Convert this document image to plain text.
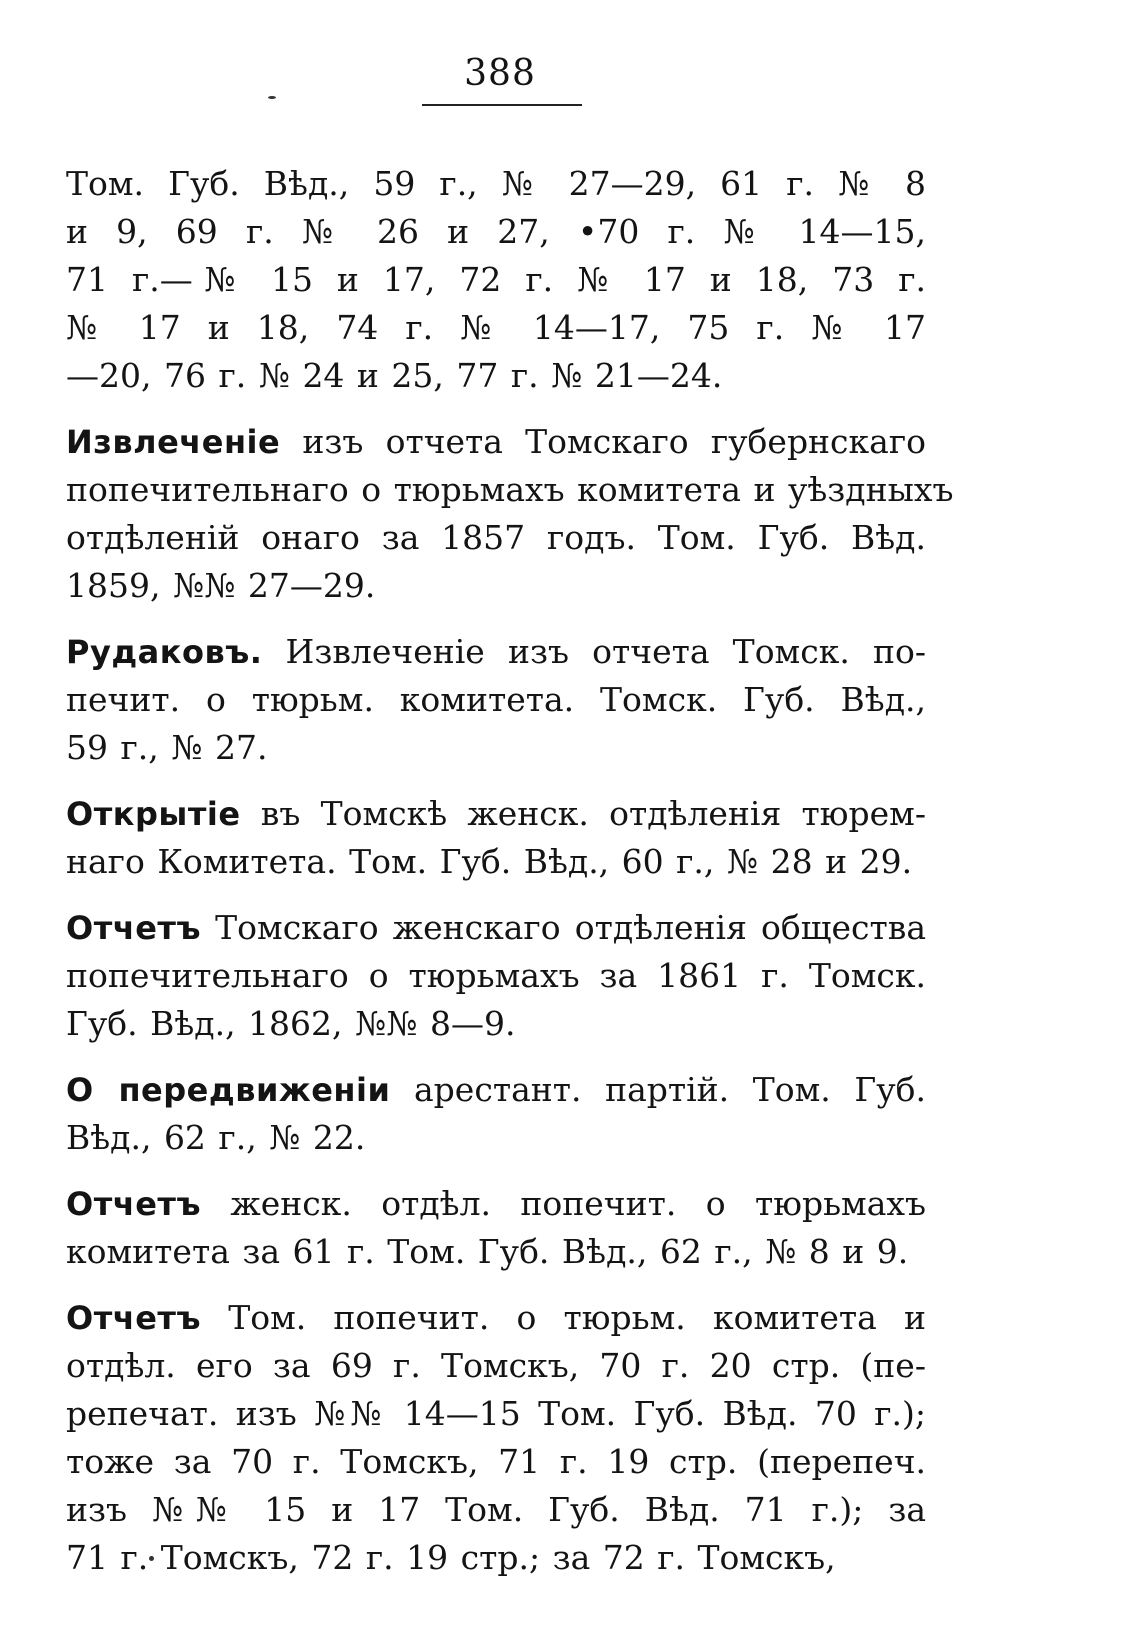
388
Том. Губ. Вѣд., 59 г., № 27—29, 61 г. № 8
и 9, 69 г. № 26 и 27, •70 г. № 14—15,
71 г.—№ 15 и 17, 72 г. № 17 и 18, 73 г.
№ 17 и 18, 74 г. № 14—17, 75 г. № 17
—20, 76 г. № 24 и 25, 77 г. № 21—24.
Извлеченіе изъ отчета Томскаго губернскаго
попечительнаго о тюрьмахъ комитета и уѣздныхъ
отдѣленій онаго за 1857 годъ. Том. Губ. Вѣд.
1859, №№ 27—29.
Рудаковъ. Извлеченіе изъ отчета Томск. по-
печит. о тюрьм. комитета. Томск. Губ. Вѣд.,
59 г., № 27.
Открытіе въ Томскѣ женск. отдѣленія тюрем-
наго Комитета. Том. Губ. Вѣд., 60 г., № 28 и 29.
Отчетъ Томскаго женскаго отдѣленія общества
попечительнаго о тюрьмахъ за 1861 г. Томск.
Губ. Вѣд., 1862, №№ 8—9.
О передвиженіи арестант. партій. Том. Губ.
Вѣд., 62 г., № 22.
Отчетъ женск. отдѣл. попечит. о тюрьмахъ
комитета за 61 г. Том. Губ. Вѣд., 62 г., № 8 и 9.
Отчетъ Том. попечит. о тюрьм. комитета и
отдѣл. его за 69 г. Томскъ, 70 г. 20 стр. (пе-
репечат. изъ №№ 14—15 Том. Губ. Вѣд. 70 г.);
тоже за 70 г. Томскъ, 71 г. 19 стр. (перепеч.
изъ №№ 15 и 17 Том. Губ. Вѣд. 71 г.); за
71 г. Томскъ, 72 г. 19 стр.; за 72 г. Томскъ,
